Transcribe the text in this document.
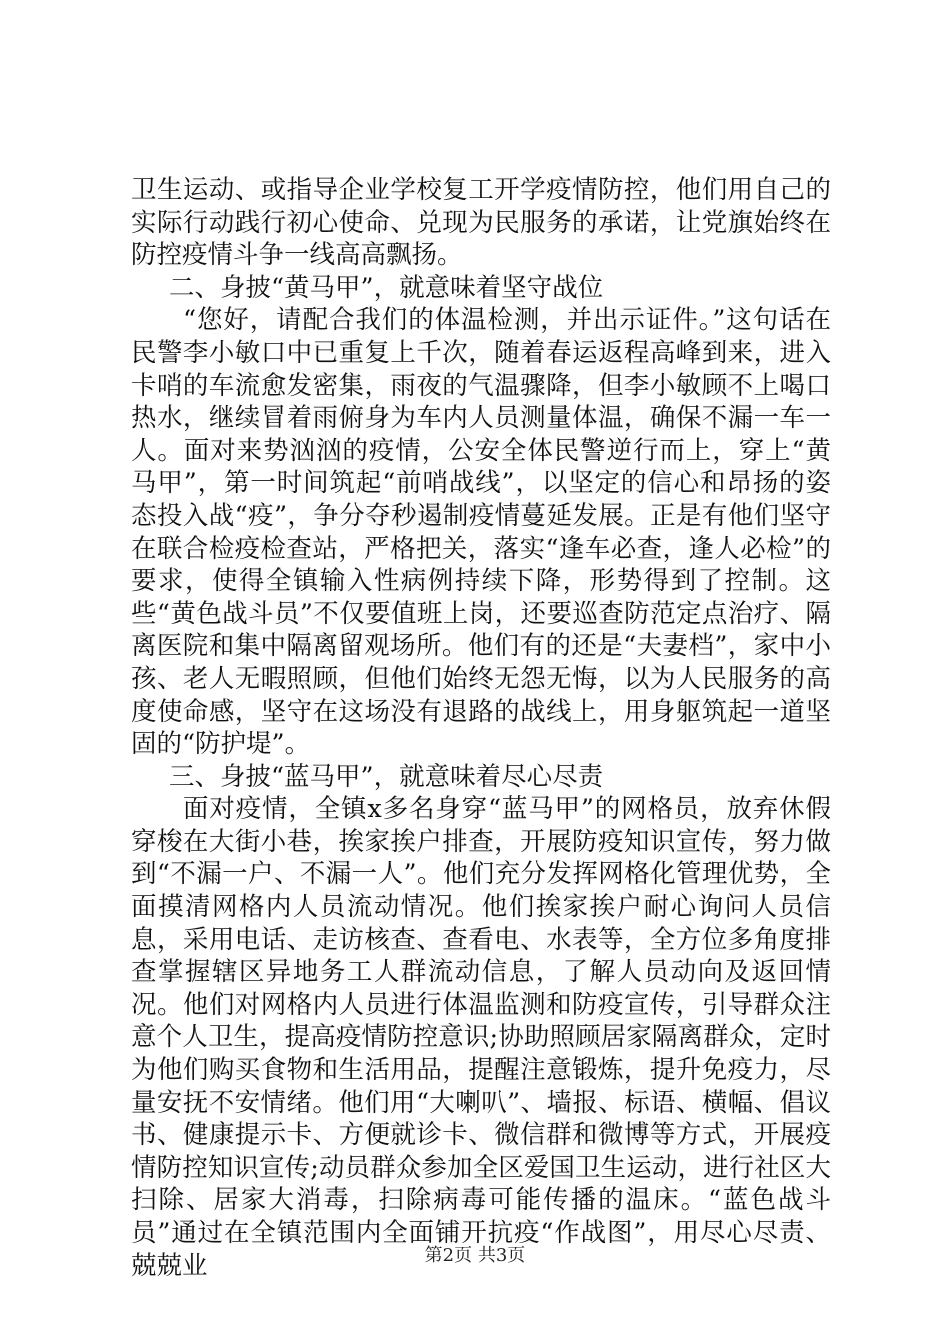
卫生运动、或指导企业学校复工开学疫情防控，他们用自己的实际行动践行初心使命、兑现为民服务的承诺，让党旗始终在防控疫情斗争一线高高飘扬。

二、身披“黄马甲”，就意味着坚守战位

“您好，请配合我们的体温检测，并出示证件。”这句话在民警李小敏口中已重复上千次，随着春运返程高峰到来，进入卡哨的车流愈发密集，雨夜的气温骤降，但李小敏顾不上喝口热水，继续冒着雨俯身为车内人员测量体温，确保不漏一车一人。面对来势汹汹的疫情，公安全体民警逆行而上，穿上“黄马甲”，第一时间筑起“前哨战线”，以坚定的信心和昂扬的姿态投入战“疫”，争分夺秒遏制疫情蔓延发展。正是有他们坚守在联合检疫检查站，严格把关，落实“逢车必查，逢人必检”的要求，使得全镇输入性病例持续下降，形势得到了控制。这些“黄色战斗员”不仅要值班上岗，还要巡查防范定点治疗、隔离医院和集中隔离留观场所。他们有的还是“夫妻档”，家中小孩、老人无暇照顾，但他们始终无怨无悔，以为人民服务的高度使命感，坚守在这场没有退路的战线上，用身躯筑起一道坚固的“防护堤”。

三、身披“蓝马甲”，就意味着尽心尽责

面对疫情，全镇x多名身穿“蓝马甲”的网格员，放弃休假穿梭在大街小巷，挨家挨户排查，开展防疫知识宣传，努力做到“不漏一户、不漏一人”。他们充分发挥网格化管理优势，全面摸清网格内人员流动情况。他们挨家挨户耐心询问人员信息，采用电话、走访核查、查看电、水表等，全方位多角度排查掌握辖区异地务工人群流动信息，了解人员动向及返回情况。他们对网格内人员进行体温监测和防疫宣传，引导群众注意个人卫生，提高疫情防控意识;协助照顾居家隔离群众，定时为他们购买食物和生活用品，提醒注意锻炼，提升免疫力，尽量安抚不安情绪。他们用“大喇叭”、墙报、标语、横幅、倡议书、健康提示卡、方便就诊卡、微信群和微博等方式，开展疫情防控知识宣传;动员群众参加全区爱国卫生运动，进行社区大扫除、居家大消毒，扫除病毒可能传播的温床。“蓝色战斗员”通过在全镇范围内全面铺开抗疫“作战图”，用尽心尽责、兢兢业	第2页 共3页
